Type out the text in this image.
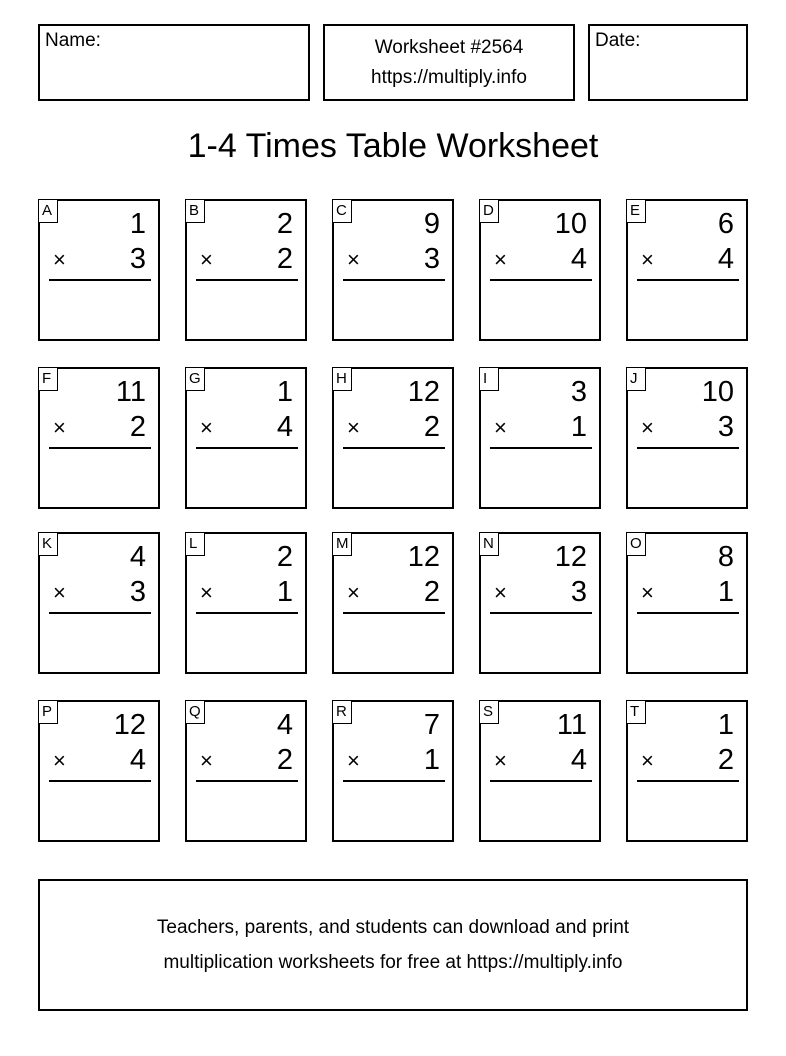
Name:	Worksheet #2564
https://multiply.info
Date:
1-4 Times Table Worksheet
A	1
× 3
B	2
× 2
C	9
× 3
D 10
× 4
E	6
× 4
F 11
× 2
G	1
× 4
H 12
× 2
I	3
× 1
J 10
× 3
K	4
× 3
L	2
× 1
M 12
× 2
N 12
× 3
O	8
× 1
P 12
× 4
Q	4
× 2
R	7
× 1
S 11
× 4
T	1
× 2
Teachers, parents, and students can download and print
multiplication worksheets for free at https://multiply.info
